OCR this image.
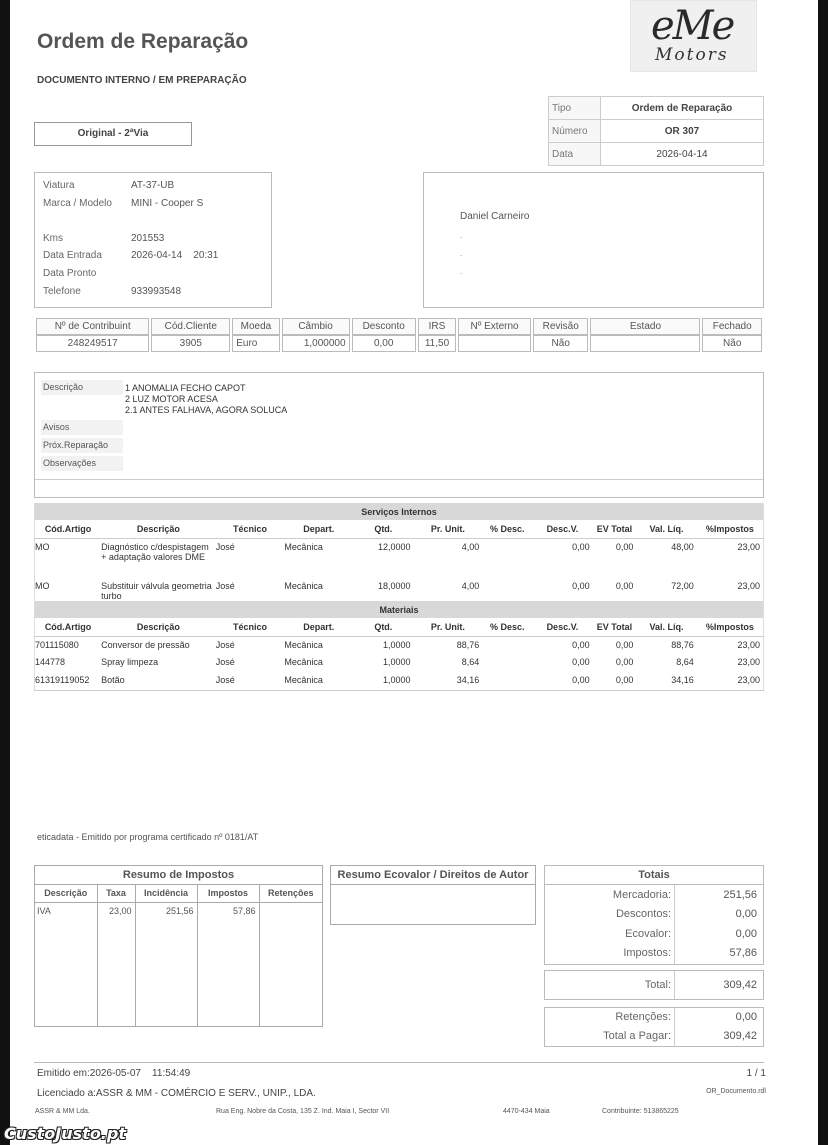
Ordem de Reparação
DOCUMENTO INTERNO / EM PREPARAÇÃO
eMe
Motors
Original - 2ªVia
Tipo	Ordem de Reparação
Número	OR 307
Data	2026-04-14
Viatura	AT-37-UB
Marca / Modelo MINI - Cooper S
Kms	201553
Data Entrada	2026-04-14    20:31
Data Pronto
Telefone	933993548
Daniel Carneiro
.
.
.
Nº de Contribuint	Cód.Cliente	Moeda	Câmbio	Desconto	IRS	Nº Externo	Revisão	Estado	Fechado
248249517	3905	Euro	1,000000	0,00	11,50		Não		Não
Descrição	1 ANOMALIA FECHO CAPOT
2 LUZ MOTOR ACESA
2.1 ANTES FALHAVA, AGORA SOLUCA
Avisos
Próx.Reparação
Observações
Serviços Internos										
Cód.Artigo	Descrição	Técnico	Depart.	Qtd.	Pr. Unit.	% Desc.	Desc.V.	EV Total	Val. Líq.	%Impostos
MO	Diagnóstico c/despistagem + adaptação valores DME	José	Mecânica	12,0000	4,00		0,00	0,00	48,00	23,00
MO	Substituir válvula geometria turbo	José	Mecânica	18,0000	4,00		0,00	0,00	72,00	23,00
Materiais										
Cód.Artigo	Descrição	Técnico	Depart.	Qtd.	Pr. Unit.	% Desc.	Desc.V.	EV Total	Val. Líq.	%Impostos
701115080	Conversor de pressão	José	Mecânica	1,0000	88,76		0,00	0,00	88,76	23,00
144778	Spray limpeza	José	Mecânica	1,0000	8,64		0,00	0,00	8,64	23,00
61319119052	Botão	José	Mecânica	1,0000	34,16		0,00	0,00	34,16	23,00
eticadata - Emitido por programa certificado nº 0181/AT
Resumo de Impostos
Descrição	Taxa	Incidência	Impostos	Retenções
IVA	23,00	251,56	57,86	
Resumo Ecovalor / Direitos de Autor	Totais
Mercadoria:	251,56
Descontos:	0,00
Ecovalor:	0,00
Impostos:	57,86
Total:	309,42
Retenções:	0,00
Total a Pagar:	309,42
Emitido em:2026-05-07    11:54:49	1 / 1
Licenciado a:ASSR & MM - COMÉRCIO E SERV., UNIP., LDA.	OR_Documento.rdl
ASSR & MM Lda.	Rua Eng. Nobre da Costa, 135 Z. Ind. Maia I, Sector VII	4470-434 Maia	Contribuinte: 513865225
CustoJusto.pt
